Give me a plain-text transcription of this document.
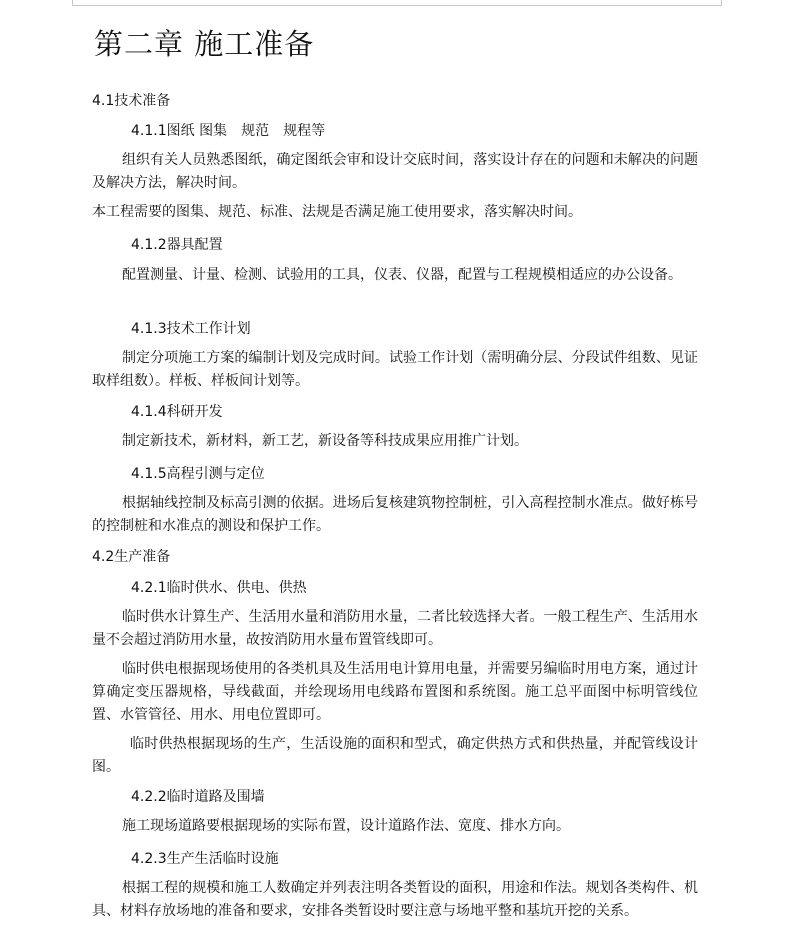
第二章 施工准备
4.1技术准备
4.1.1图纸 图集　规范　规程等

组织有关人员熟悉图纸，确定图纸会审和设计交底时间，落实设计存在的问题和未解决的问题及解决方法，解决时间。

本工程需要的图集、规范、标准、法规是否满足施工使用要求，落实解决时间。

4.1.2器具配置

配置测量、计量、检测、试验用的工具，仪表、仪器，配置与工程规模相适应的办公设备。

4.1.3技术工作计划

制定分项施工方案的编制计划及完成时间。试验工作计划（需明确分层、分段试件组数、见证取样组数）。样板、样板间计划等。

4.1.4科研开发

制定新技术，新材料，新工艺，新设备等科技成果应用推广计划。

4.1.5高程引测与定位

根据轴线控制及标高引测的依据。进场后复核建筑物控制桩，引入高程控制水准点。做好栋号的控制桩和水准点的测设和保护工作。

4.2生产准备
4.2.1临时供水、供电、供热

临时供水计算生产、生活用水量和消防用水量，二者比较选择大者。一般工程生产、生活用水量不会超过消防用水量，故按消防用水量布置管线即可。

临时供电根据现场使用的各类机具及生活用电计算用电量，并需要另编临时用电方案，通过计算确定变压器规格，导线截面，并绘现场用电线路布置图和系统图。施工总平面图中标明管线位置、水管管径、用水、用电位置即可。

临时供热根据现场的生产，生活设施的面积和型式，确定供热方式和供热量，并配管线设计图。

4.2.2临时道路及围墙

施工现场道路要根据现场的实际布置，设计道路作法、宽度、排水方向。

4.2.3生产生活临时设施

根据工程的规模和施工人数确定并列表注明各类暂设的面积，用途和作法。规划各类构件、机具、材料存放场地的准备和要求，安排各类暂设时要注意与场地平整和基坑开挖的关系。
